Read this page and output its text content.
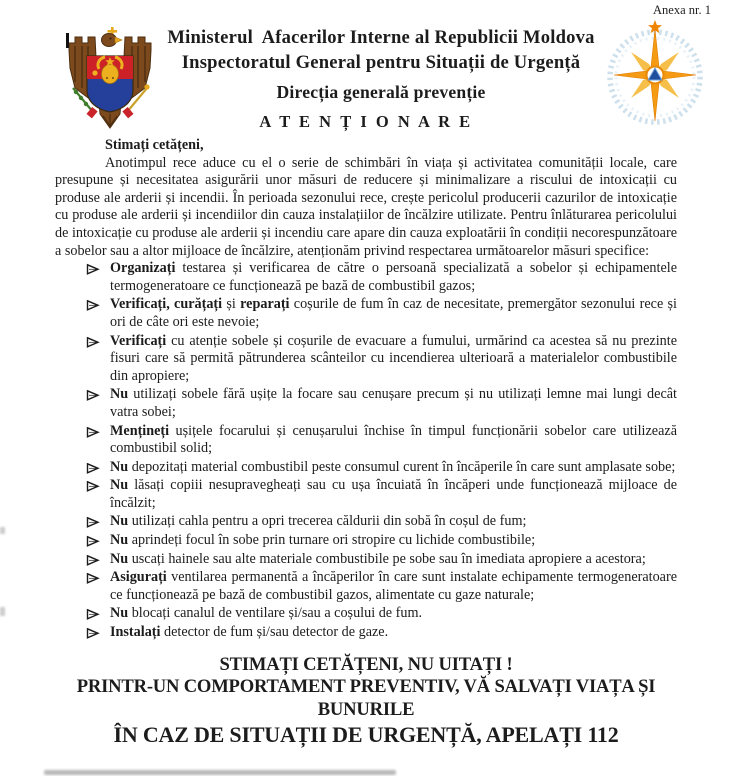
Anexa nr. 1
Ministerul  Afacerilor Interne al Republicii Moldova
Inspectoratul General pentru Situații de Urgență
Direcția generală prevenție
A T E N Ț I O N A R E
Stimați cetățeni,

Anotimpul rece aduce cu el o serie de schimbări în viața și activitatea comunității locale, care presupune și necesitatea asigurării unor măsuri de reducere și minimalizare a riscului de intoxicații cu produse ale arderii și incendii. În perioada sezonului rece, crește pericolul producerii cazurilor de intoxicație cu produse ale arderii și incendiilor din cauza instalațiilor de încălzire utilizate. Pentru înlăturarea pericolului de intoxicație cu produse ale arderii și incendiu care apare din cauza exploatării în condiții necorespunzătoare a sobelor sau a altor mijloace de încălzire, atenționăm privind respectarea următoarelor măsuri specifice:

Organizați testarea și verificarea de către o persoană specializată a sobelor și echipamentele termogeneratoare ce funcționează pe bază de combustibil gazos;
Verificați, curățați și reparați coșurile de fum în caz de necesitate, premergător sezonului rece și ori de câte ori este nevoie;
Verificați cu atenție sobele și coșurile de evacuare a fumului, urmărind ca acestea să nu prezinte fisuri care să permită pătrunderea scânteilor cu incendierea ulterioară a materialelor combustibile din apropiere;
Nu utilizați sobele fără ușițe la focare sau cenușare precum și nu utilizați lemne mai lungi decât vatra sobei;
Mențineți ușițele focarului și cenușarului închise în timpul funcționării sobelor care utilizează combustibil solid;
Nu depozitați material combustibil peste consumul curent în încăperile în care sunt amplasate sobe;
Nu lăsați copiii nesupravegheați sau cu ușa încuiată în încăperi unde funcționează mijloace de încălzit;
Nu utilizați cahla pentru a opri trecerea căldurii din sobă în coșul de fum;
Nu aprindeți focul în sobe prin turnare ori stropire cu lichide combustibile;
Nu uscați hainele sau alte materiale combustibile pe sobe sau în imediata apropiere a acestora;
Asigurați ventilarea permanentă a încăperilor în care sunt instalate echipamente termogeneratoare ce funcționează pe bază de combustibil gazos, alimentate cu gaze naturale;
Nu blocați canalul de ventilare și/sau a coșului de fum.
Instalați detector de fum și/sau detector de gaze.
STIMAȚI CETĂȚENI, NU UITAȚI !
PRINTR-UN COMPORTAMENT PREVENTIV, VĂ SALVAȚI VIAȚA ȘI
BUNURILE
ÎN CAZ DE SITUAȚII DE URGENȚĂ, APELAȚI 112
